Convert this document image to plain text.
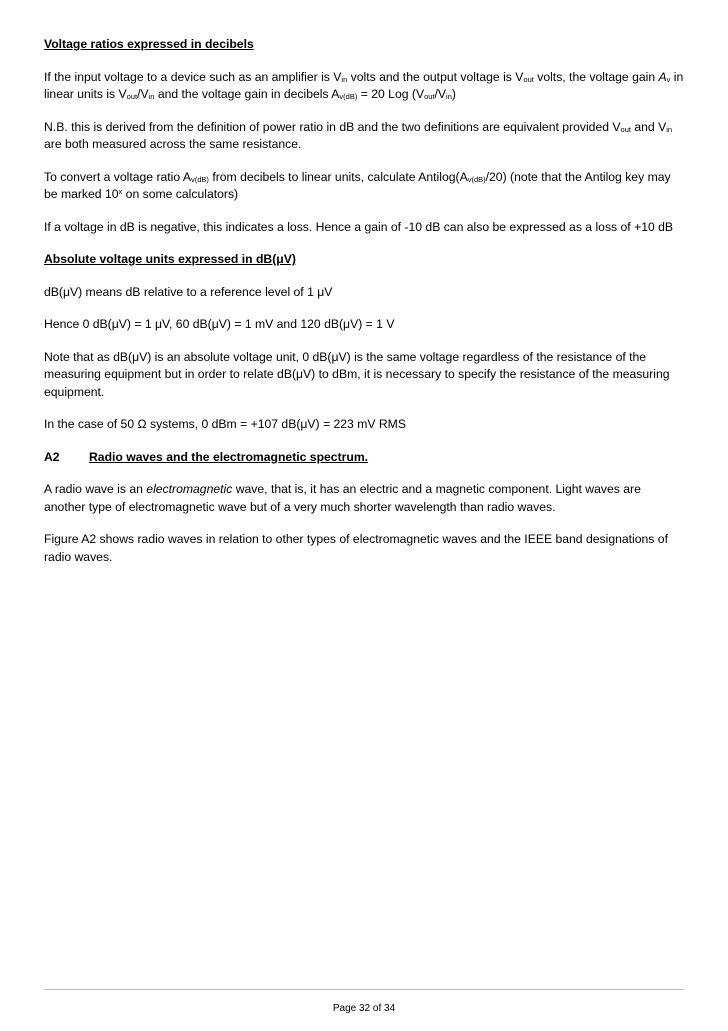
Voltage ratios expressed in decibels

If the input voltage to a device such as an amplifier is $V_{in}$ volts and the output voltage is $V_{out}$ volts, the voltage gain $A_v$ in linear units is $V_{out}/V_{in}$ and the voltage gain in decibels $A_{v(dB)} = 20$ Log $(V_{out}/V_{in})$

N.B. this is derived from the definition of power ratio in dB and the two definitions are equivalent provided $V_{out}$ and $V_{in}$ are both measured across the same resistance.

To convert a voltage ratio $A_{v(dB)}$ from decibels to linear units, calculate $Antilog(A_{v(dB)}/20)$ (note that the Antilog key may be marked 10$^x$ on some calculators)

If a voltage in dB is negative, this indicates a loss. Hence a gain of -10 dB can also be expressed as a loss of +10 dB

Absolute voltage units expressed in dB(μV)

dB(μV) means dB relative to a reference level of 1 μV

Hence 0 dB(μV) = 1 μV, 60 dB(μV) = 1 mV and 120 dB(μV) = 1 V

Note that as dB(μV) is an absolute voltage unit, 0 dB(μV) is the same voltage regardless of the resistance of the measuring equipment but in order to relate dB(μV) to dBm, it is necessary to specify the resistance of the measuring equipment.

In the case of 50 Ω systems, 0 dBm = +107 dB(μV) = 223 mV RMS

A2 Radio waves and the electromagnetic spectrum.

A radio wave is an electromagnetic wave, that is, it has an electric and a magnetic component. Light waves are another type of electromagnetic wave but of a very much shorter wavelength than radio waves.

Figure A2 shows radio waves in relation to other types of electromagnetic waves and the IEEE band designations of radio waves.

Page 32 of 34
